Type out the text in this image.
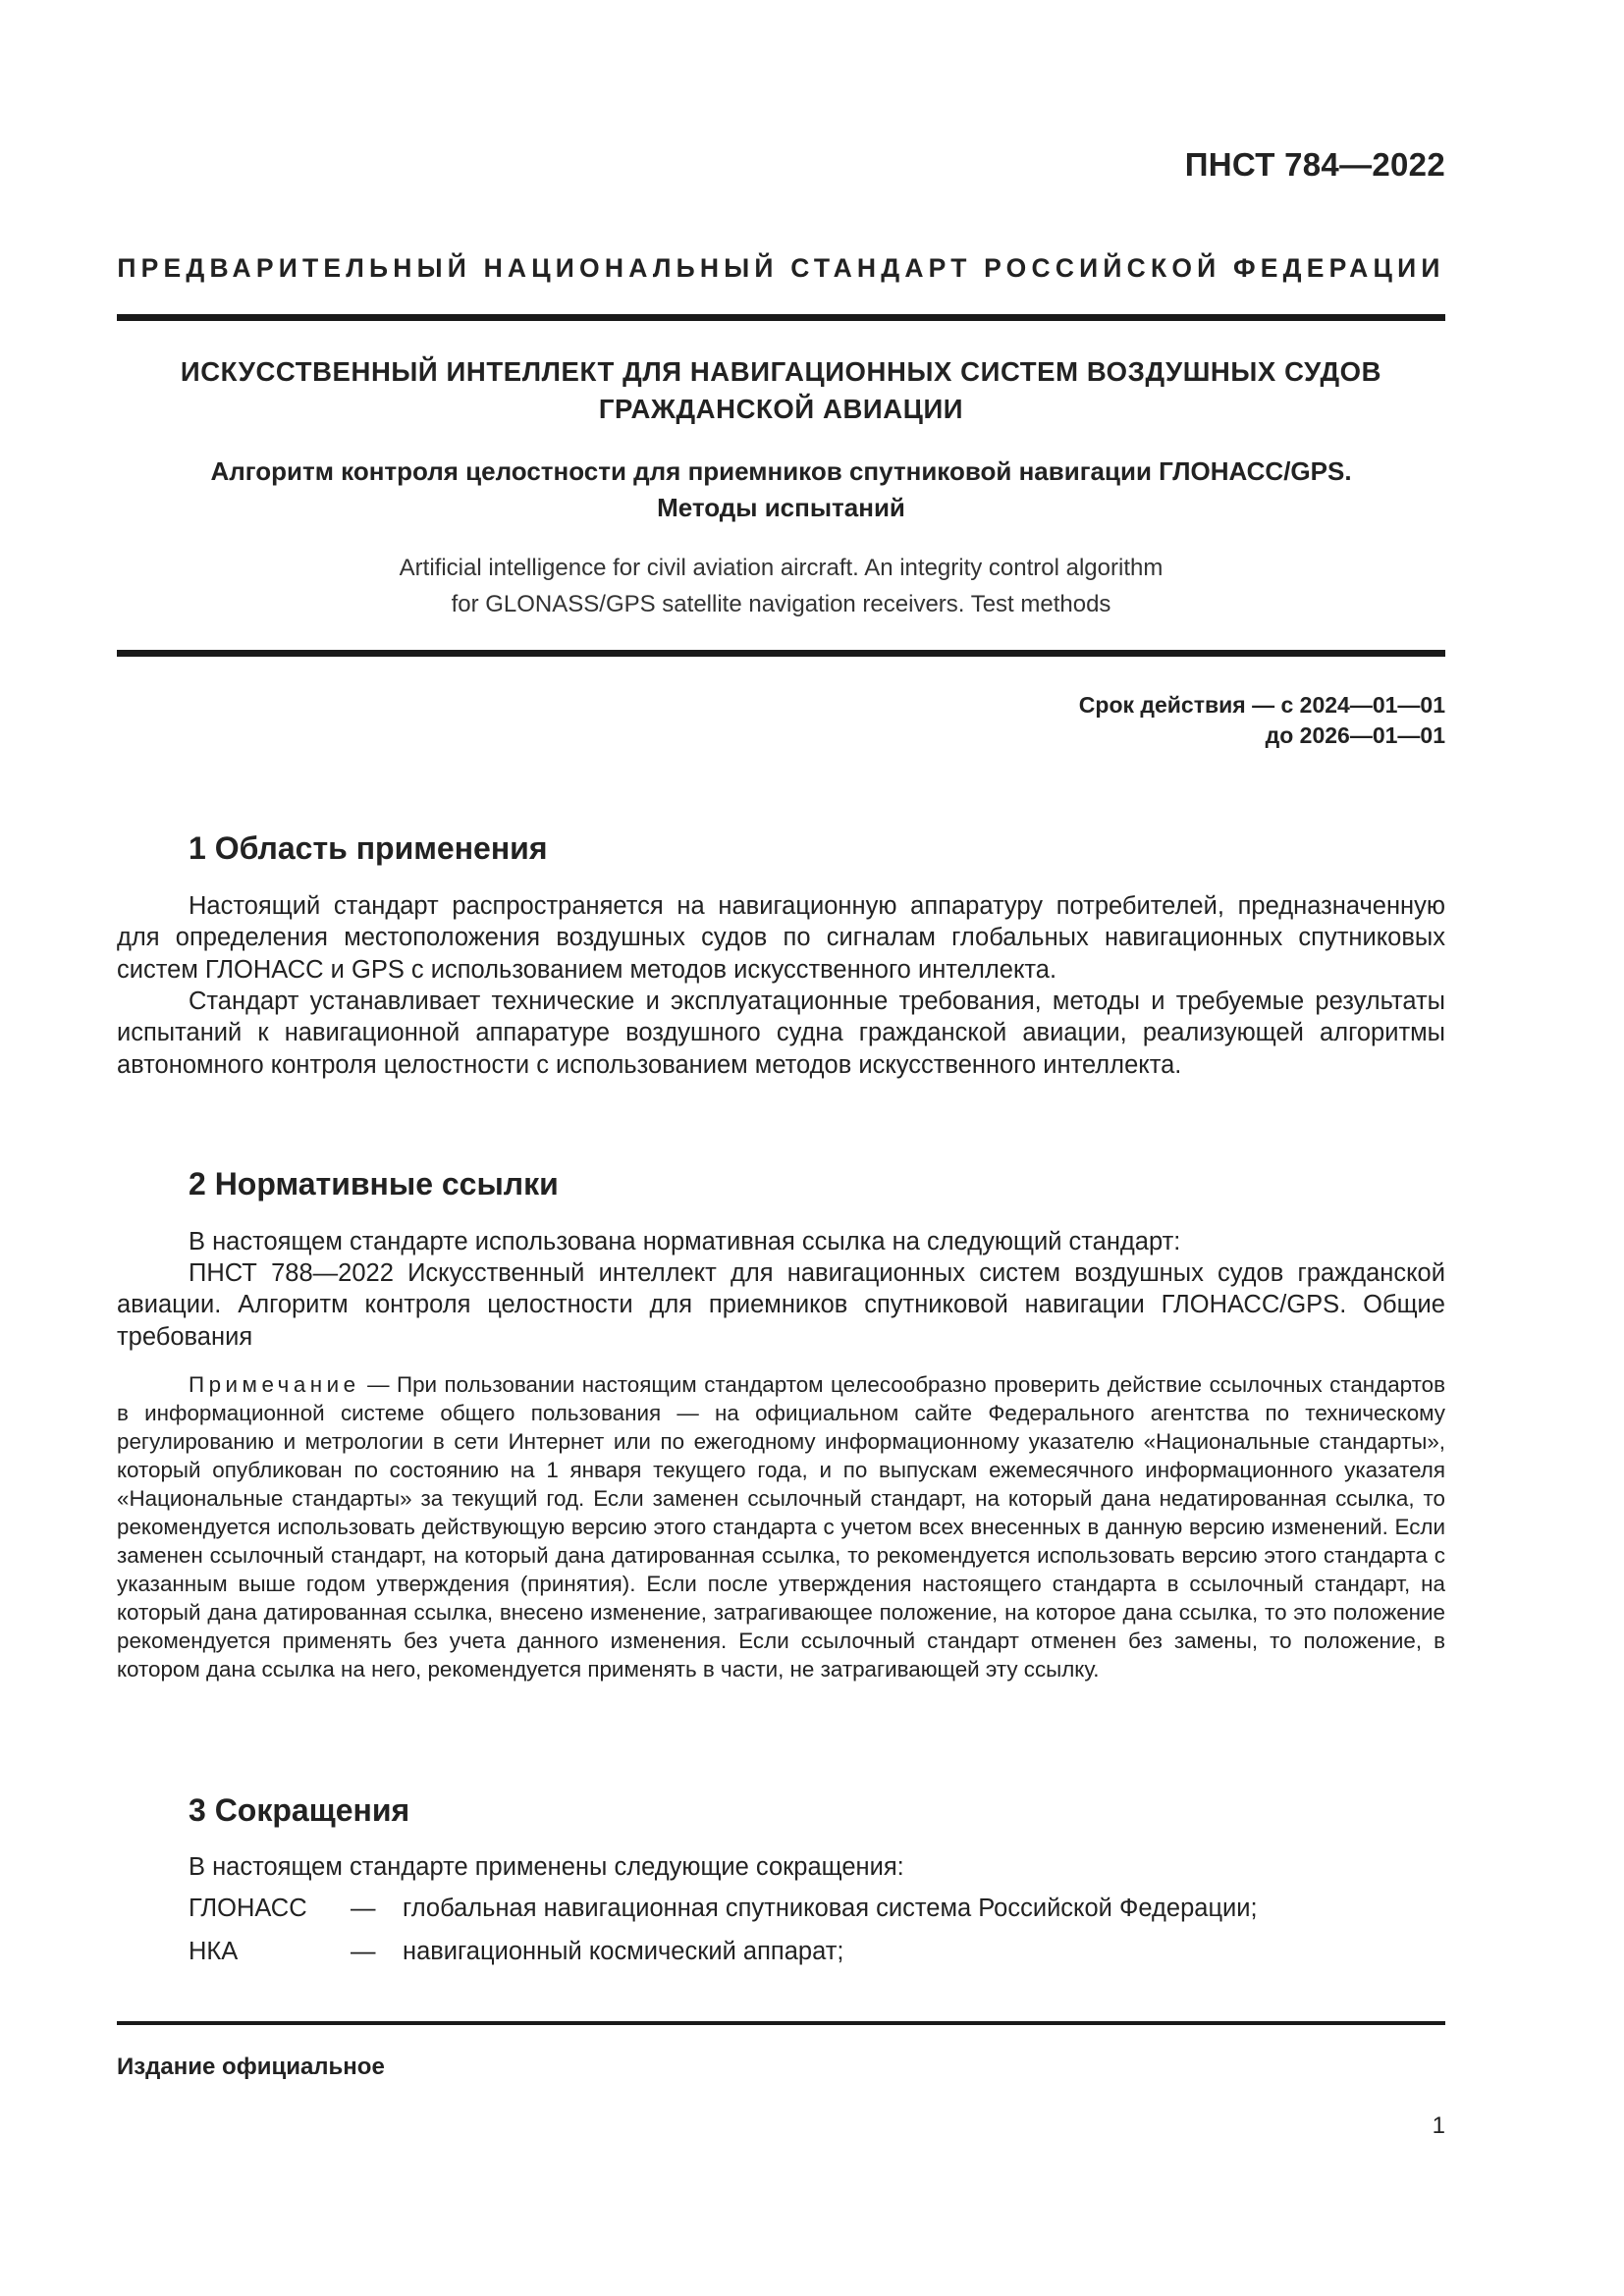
ПНСТ 784—2022
ПРЕДВАРИТЕЛЬНЫЙ НАЦИОНАЛЬНЫЙ СТАНДАРТ РОССИЙСКОЙ ФЕДЕРАЦИИ
ИСКУССТВЕННЫЙ ИНТЕЛЛЕКТ ДЛЯ НАВИГАЦИОННЫХ СИСТЕМ ВОЗДУШНЫХ СУДОВ
ГРАЖДАНСКОЙ АВИАЦИИ
Алгоритм контроля целостности для приемников спутниковой навигации ГЛОНАСС/GPS.
Методы испытаний
Artificial intelligence for civil aviation aircraft. An integrity control algorithm
for GLONASS/GPS satellite navigation receivers. Test methods
Срок действия — с 2024—01—01
до 2026—01—01
1 Область применения
Настоящий стандарт распространяется на навигационную аппаратуру потребителей, предназначенную для определения местоположения воздушных судов по сигналам глобальных навигационных спутниковых систем ГЛОНАСС и GPS с использованием методов искусственного интеллекта.
Стандарт устанавливает технические и эксплуатационные требования, методы и требуемые результаты испытаний к навигационной аппаратуре воздушного судна гражданской авиации, реализующей алгоритмы автономного контроля целостности с использованием методов искусственного интеллекта.
2 Нормативные ссылки
В настоящем стандарте использована нормативная ссылка на следующий стандарт:
ПНСТ 788—2022 Искусственный интеллект для навигационных систем воздушных судов гражданской авиации. Алгоритм контроля целостности для приемников спутниковой навигации ГЛОНАСС/GPS. Общие требования
Примечание — При пользовании настоящим стандартом целесообразно проверить действие ссылочных стандартов в информационной системе общего пользования — на официальном сайте Федерального агентства по техническому регулированию и метрологии в сети Интернет или по ежегодному информационному указателю «Национальные стандарты», который опубликован по состоянию на 1 января текущего года, и по выпускам ежемесячного информационного указателя «Национальные стандарты» за текущий год. Если заменен ссылочный стандарт, на который дана недатированная ссылка, то рекомендуется использовать действующую версию этого стандарта с учетом всех внесенных в данную версию изменений. Если заменен ссылочный стандарт, на который дана датированная ссылка, то рекомендуется использовать версию этого стандарта с указанным выше годом утверждения (принятия). Если после утверждения настоящего стандарта в ссылочный стандарт, на который дана датированная ссылка, внесено изменение, затрагивающее положение, на которое дана ссылка, то это положение рекомендуется применять без учета данного изменения. Если ссылочный стандарт отменен без замены, то положение, в котором дана ссылка на него, рекомендуется применять в части, не затрагивающей эту ссылку.
3 Сокращения
В настоящем стандарте применены следующие сокращения:
ГЛОНАСС — глобальная навигационная спутниковая система Российской Федерации;
НКА	— навигационный космический аппарат;
Издание официальное
1
